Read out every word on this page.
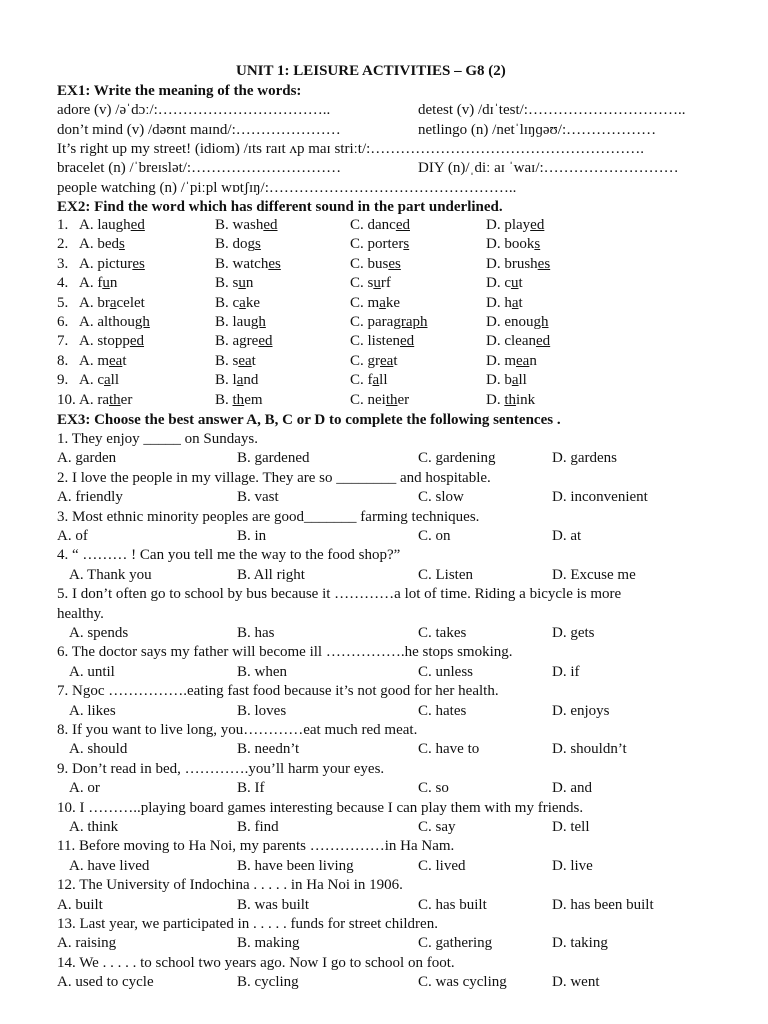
UNIT 1: LEISURE ACTIVITIES – G8 (2)
EX1: Write the meaning of the words:
adore (v) /əˈdɔː/:……………………………..	detest (v) /dɪˈtest/:…………………………..
don’t mind (v) /dəʊnt maɪnd/:…………………	netlingo (n) /netˈlɪŋɡəʊ/:………………
It’s right up my street! (idiom) /ɪts raɪt ʌp maɪ striːt/:……………………………………………….
bracelet (n) /ˈbreɪslət/:…………………………	DIY (n)/ˌdiː aɪ ˈwaɪ/:………………………
people watching (n) /ˈpiːpl wɒtʃɪŋ/:…………………………………………..
EX2: Find the word which has different sound in the part underlined.
1. A. laughed	B. washed	C. danced	D. played
2. A. beds	B. dogs	C. porters	D. books
3. A. pictures	B. watches	C. buses	D. brushes
4. A. fun	B. sun	C. surf	D. cut
5. A. bracelet	B. cake	C. make	D. hat
6. A. although	B. laugh	C. paragraph	D. enough
7. A. stopped	B. agreed	C. listened	D. cleaned
8. A. meat	B. seat	C. great	D. mean
9. A. call	B. land	C. fall	D. ball
10. A. rather	B. them	C. neither	D. think
EX3: Choose the best answer A, B, C or D to complete the following sentences .
1. They enjoy _____ on Sundays.
A. garden	B. gardened	C. gardening	D. gardens
2. I love the people in my village. They are so ________ and hospitable.
A. friendly	B. vast	C. slow	D. inconvenient
3. Most ethnic minority peoples are good_______ farming techniques.
A. of	B. in	C. on	D. at
4. “ ……… ! Can you tell me the way to the food shop?”
A. Thank you	B. All right	C. Listen	D. Excuse me
5. I don’t often go to school by bus because it …………a lot of time. Riding a bicycle is more
healthy.
A. spends	B. has	C. takes	D. gets
6. The doctor says my father will become ill …………….he stops smoking.
A. until	B. when	C. unless	D. if
7. Ngoc …………….eating fast food because it’s not good for her health.
A. likes	B. loves	C. hates	D. enjoys
8. If you want to live long, you…………eat much red meat.
A. should	B. needn’t	C. have to	D. shouldn’t
9. Don’t read in bed, ………….you’ll harm your eyes.
A. or	B. If	C. so	D. and
10. I ………..playing board games interesting because I can play them with my friends.
A. think	B. find	C. say	D. tell
11. Before moving to Ha Noi, my parents ……………in Ha Nam.
A. have lived	B. have been living	C. lived	D. live
12. The University of Indochina . . . . . in Ha Noi in 1906.
A. built	B. was built	C. has built	D. has been built
13. Last year, we participated in . . . . . funds for street children.
A. raising	B. making	C. gathering	D. taking
14. We . . . . . to school two years ago. Now I go to school on foot.
A. used to cycle	B. cycling	C. was cycling	D. went
